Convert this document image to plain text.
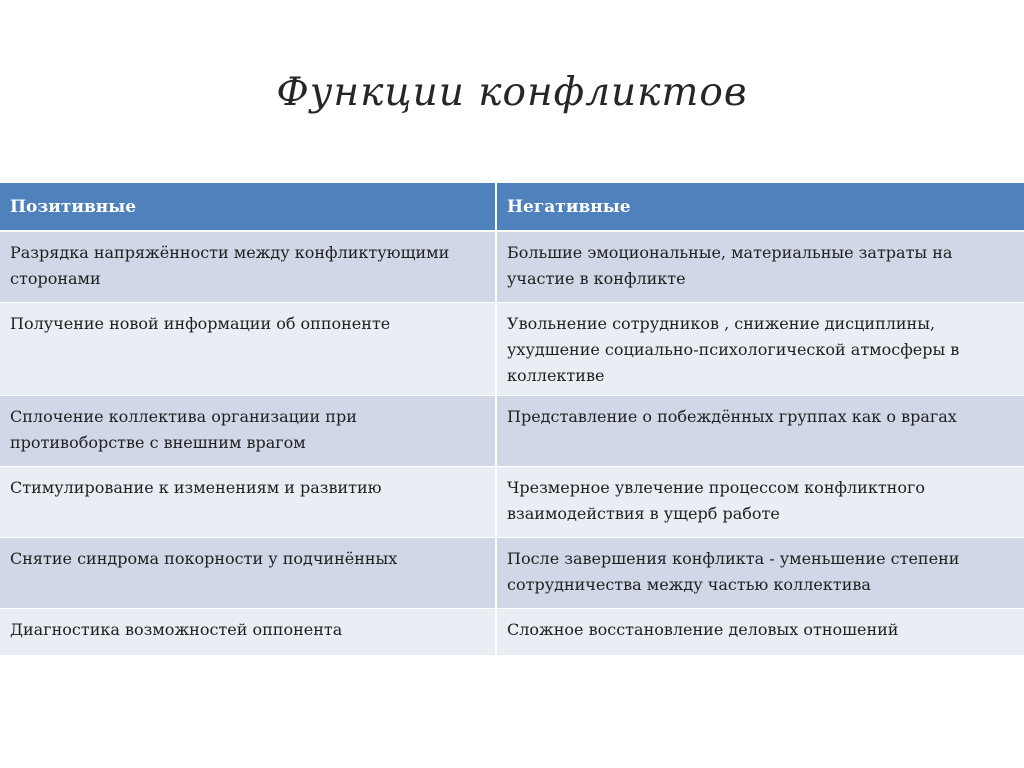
Функции конфликтов
Позитивные	Негативные
Разрядка напряжённости между конфликтующими сторонами	Большие эмоциональные, материальные затраты на участие в конфликте
Получение новой информации об оппоненте	Увольнение сотрудников , снижение дисциплины, ухудшение социально-психологической атмосферы в коллективе
Сплочение коллектива организации при противоборстве с внешним врагом	Представление о побеждённых группах как о врагах
Стимулирование к изменениям и развитию	Чрезмерное увлечение процессом конфликтного взаимодействия в ущерб работе
Снятие синдрома покорности у подчинённых	После завершения конфликта - уменьшение степени сотрудничества между частью коллектива
Диагностика возможностей оппонента	Сложное восстановление деловых отношений
